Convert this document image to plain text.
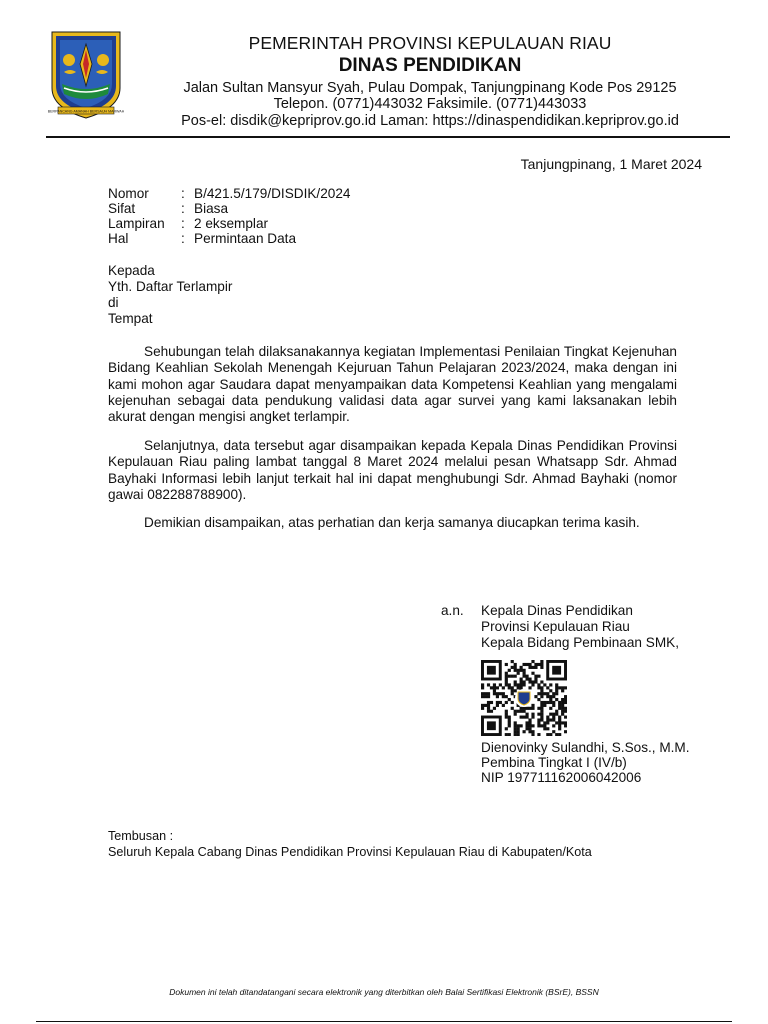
BERPANCANG AMANAH BERSAUH MARWAH
PEMERINTAH PROVINSI KEPULAUAN RIAU
DINAS PENDIDIKAN
Jalan Sultan Mansyur Syah, Pulau Dompak, Tanjungpinang Kode Pos 29125
Telepon. (0771)443032 Faksimile. (0771)443033
Pos-el: disdik@kepriprov.go.id Laman: https://dinaspendidikan.kepriprov.go.id
Tanjungpinang, 1 Maret 2024
Nomor : B/421.5/179/DISDIK/2024
Sifat	: Biasa
Lampiran : 2 eksemplar
Hal	: Permintaan Data
Kepada
Yth. Daftar Terlampir
di
Tempat

Sehubungan telah dilaksanakannya kegiatan Implementasi Penilaian Tingkat Kejenuhan Bidang Keahlian Sekolah Menengah Kejuruan Tahun Pelajaran 2023/2024, maka dengan ini kami mohon agar Saudara dapat menyampaikan data Kompetensi Keahlian yang mengalami kejenuhan sebagai data pendukung validasi data agar survei yang kami laksanakan lebih akurat dengan mengisi angket terlampir.

Selanjutnya, data tersebut agar disampaikan kepada Kepala Dinas Pendidikan Provinsi Kepulauan Riau paling lambat tanggal 8 Maret 2024 melalui pesan Whatsapp Sdr. Ahmad Bayhaki Informasi lebih lanjut terkait hal ini dapat menghubungi Sdr. Ahmad Bayhaki (nomor gawai 082288788900).

Demikian disampaikan, atas perhatian dan kerja samanya diucapkan terima kasih.

a.n. Kepala Dinas Pendidikan
Provinsi Kepulauan Riau
Kepala Bidang Pembinaan SMK,
Dienovinky Sulandhi, S.Sos., M.M.
Pembina Tingkat I (IV/b)
NIP 197711162006042006
Tembusan :
Seluruh Kepala Cabang Dinas Pendidikan Provinsi Kepulauan Riau di Kabupaten/Kota
Dokumen ini telah ditandatangani secara elektronik yang diterbitkan oleh Balai Sertifikasi Elektronik (BSrE), BSSN
